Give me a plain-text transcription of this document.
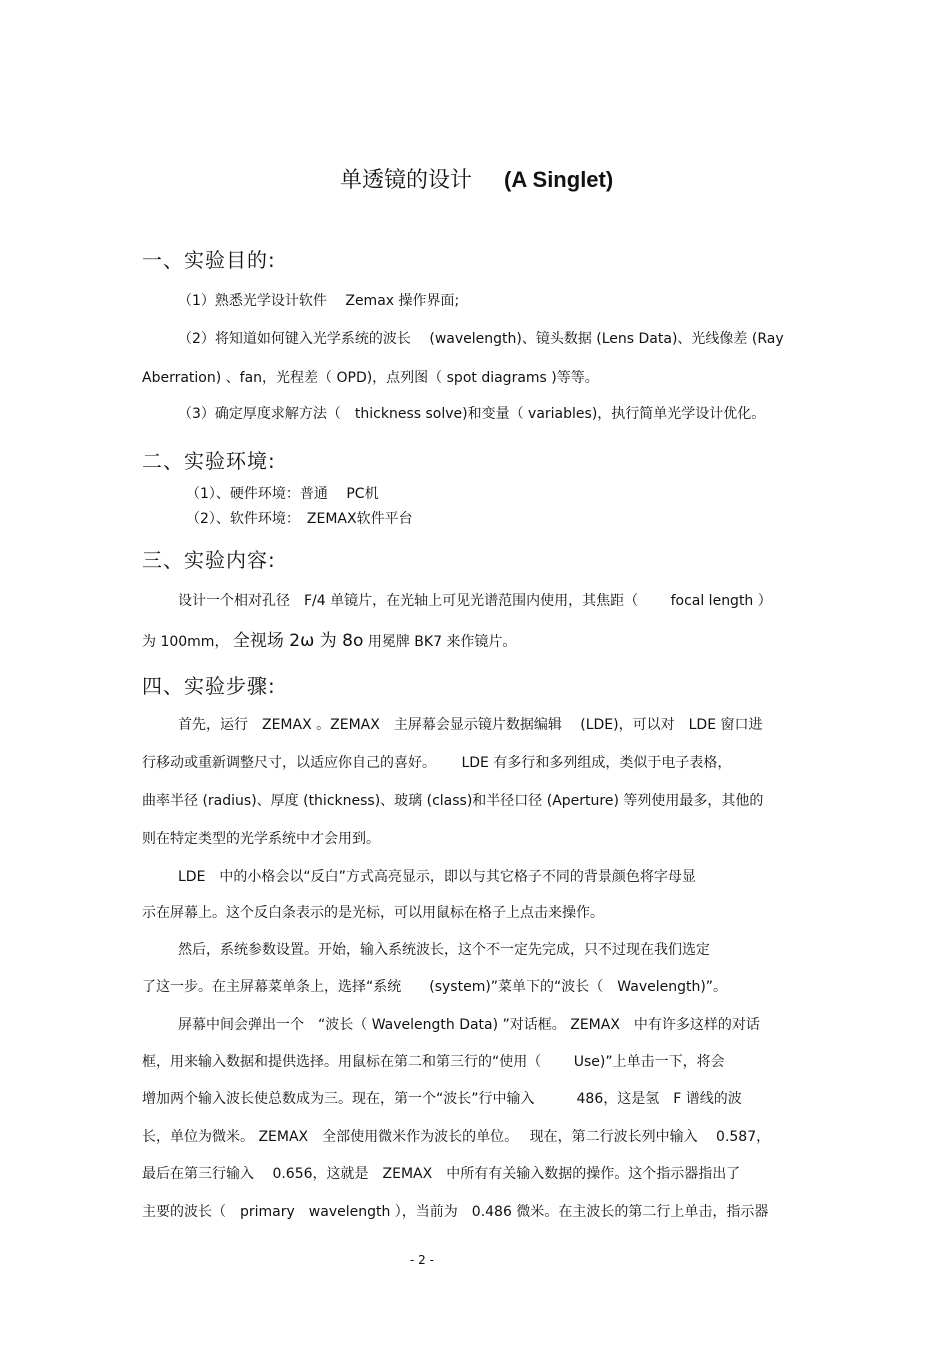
单透镜的设计 (A Singlet)
一、实验目的:
（1）熟悉光学设计软件　 Zemax 操作界面;
（2）将知道如何键入光学系统的波长　 (wavelength)、镜头数据 (Lens Data)、光线像差 (Ray
Aberration) 、fan，光程差（ OPD)，点列图（ spot diagrams )等等。
（3）确定厚度求解方法（　thickness solve)和变量（ variables)，执行简单光学设计优化。
二、实验环境:
（1）、硬件环境：普通　 PC机
（2）、软件环境：　ZEMAX软件平台
三、实验内容:
设计一个相对孔径　F/4 单镜片，在光轴上可见光谱范围内使用，其焦距（　　 focal length ）
为 100mm， 全视场 2ω 为 8o 用冕牌 BK7 来作镜片。
四、实验步骤:
首先，运行　ZEMAX 。ZEMAX　主屏幕会显示镜片数据编辑　 (LDE)，可以对　LDE 窗口进
行移动或重新调整尺寸，以适应你自己的喜好。　　 LDE 有多行和多列组成，类似于电子表格，
曲率半径 (radius)、厚度 (thickness)、玻璃 (class)和半径口径 (Aperture) 等列使用最多，其他的
则在特定类型的光学系统中才会用到。
LDE　中的小格会以“反白”方式高亮显示，即以与其它格子不同的背景颜色将字母显
示在屏幕上。这个反白条表示的是光标，可以用鼠标在格子上点击来操作。
然后，系统参数设置。开始，输入系统波长，这个不一定先完成，只不过现在我们选定
了这一步。在主屏幕菜单条上，选择“系统　　(system)”菜单下的“波长（　Wavelength)”。
屏幕中间会弹出一个　“波长（ Wavelength Data) ”对话框。 ZEMAX　中有许多这样的对话
框，用来输入数据和提供选择。用鼠标在第二和第三行的“使用（　　 Use)”上单击一下，将会
增加两个输入波长使总数成为三。现在，第一个“波长”行中输入　　　486，这是氢　F 谱线的波
长，单位为微米。 ZEMAX　全部使用微米作为波长的单位。　 现在，第二行波长列中输入　 0.587，
最后在第三行输入　 0.656，这就是　ZEMAX　中所有有关输入数据的操作。这个指示器指出了
主要的波长（　primary　wavelength ），当前为　0.486 微米。在主波长的第二行上单击，指示器
- 2 -
